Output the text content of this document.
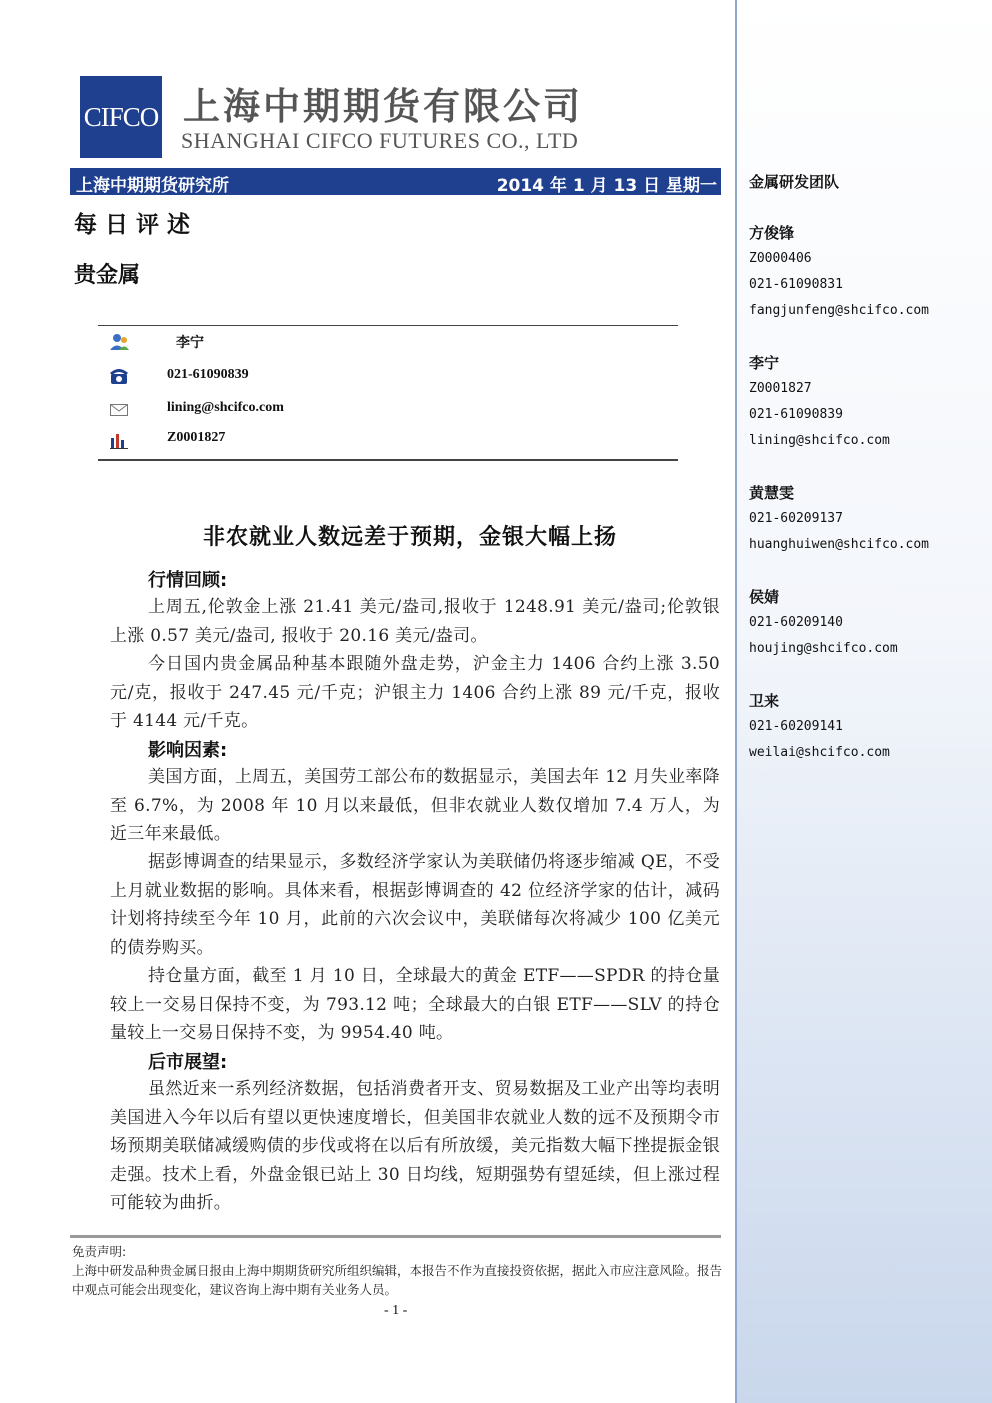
金属研发团队
方俊锋
Z0000406
021-61090831
fangjunfeng@shcifco.com
李宁
Z0001827
021-61090839
lining@shcifco.com
黄慧雯
021-60209137
huanghuiwen@shcifco.com
侯婧
021-60209140
houjing@shcifco.com
卫来
021-60209141
weilai@shcifco.com
CIFCO 上海中期期货有限公司
SHANGHAI CIFCO FUTURES CO., LTD
上海中期期货研究所	2014 年 1 月 13 日 星期一
每日评述
贵金属
李宁
021-61090839
lining@shcifco.com
Z0001827
非农就业人数远差于预期，金银大幅上扬
行情回顾:
上周五,伦敦金上涨 21.41 美元/盎司,报收于 1248.91 美元/盎司;伦敦银上涨 0.57 美元/盎司, 报收于 20.16 美元/盎司。
今日国内贵金属品种基本跟随外盘走势，沪金主力 1406 合约上涨 3.50 元/克，报收于 247.45 元/千克；沪银主力 1406 合约上涨 89 元/千克，报收于 4144 元/千克。
影响因素:
美国方面，上周五，美国劳工部公布的数据显示，美国去年 12 月失业率降至 6.7%，为 2008 年 10 月以来最低，但非农就业人数仅增加 7.4 万人，为近三年来最低。
据彭博调查的结果显示，多数经济学家认为美联储仍将逐步缩减 QE，不受上月就业数据的影响。具体来看，根据彭博调查的 42 位经济学家的估计，减码计划将持续至今年 10 月，此前的六次会议中，美联储每次将减少 100 亿美元的债券购买。
持仓量方面，截至 1 月 10 日，全球最大的黄金 ETF——SPDR 的持仓量较上一交易日保持不变，为 793.12 吨；全球最大的白银 ETF——SLV 的持仓量较上一交易日保持不变，为 9954.40 吨。
后市展望:
虽然近来一系列经济数据，包括消费者开支、贸易数据及工业产出等均表明美国进入今年以后有望以更快速度增长，但美国非农就业人数的远不及预期令市场预期美联储减缓购债的步伐或将在以后有所放缓，美元指数大幅下挫提振金银走强。技术上看，外盘金银已站上 30 日均线，短期强势有望延续，但上涨过程可能较为曲折。
免责声明:
上海中研发品种贵金属日报由上海中期期货研究所组织编辑，本报告不作为直接投资依据，据此入市应注意风险。报告中观点可能会出现变化，建议咨询上海中期有关业务人员。
- 1 -
